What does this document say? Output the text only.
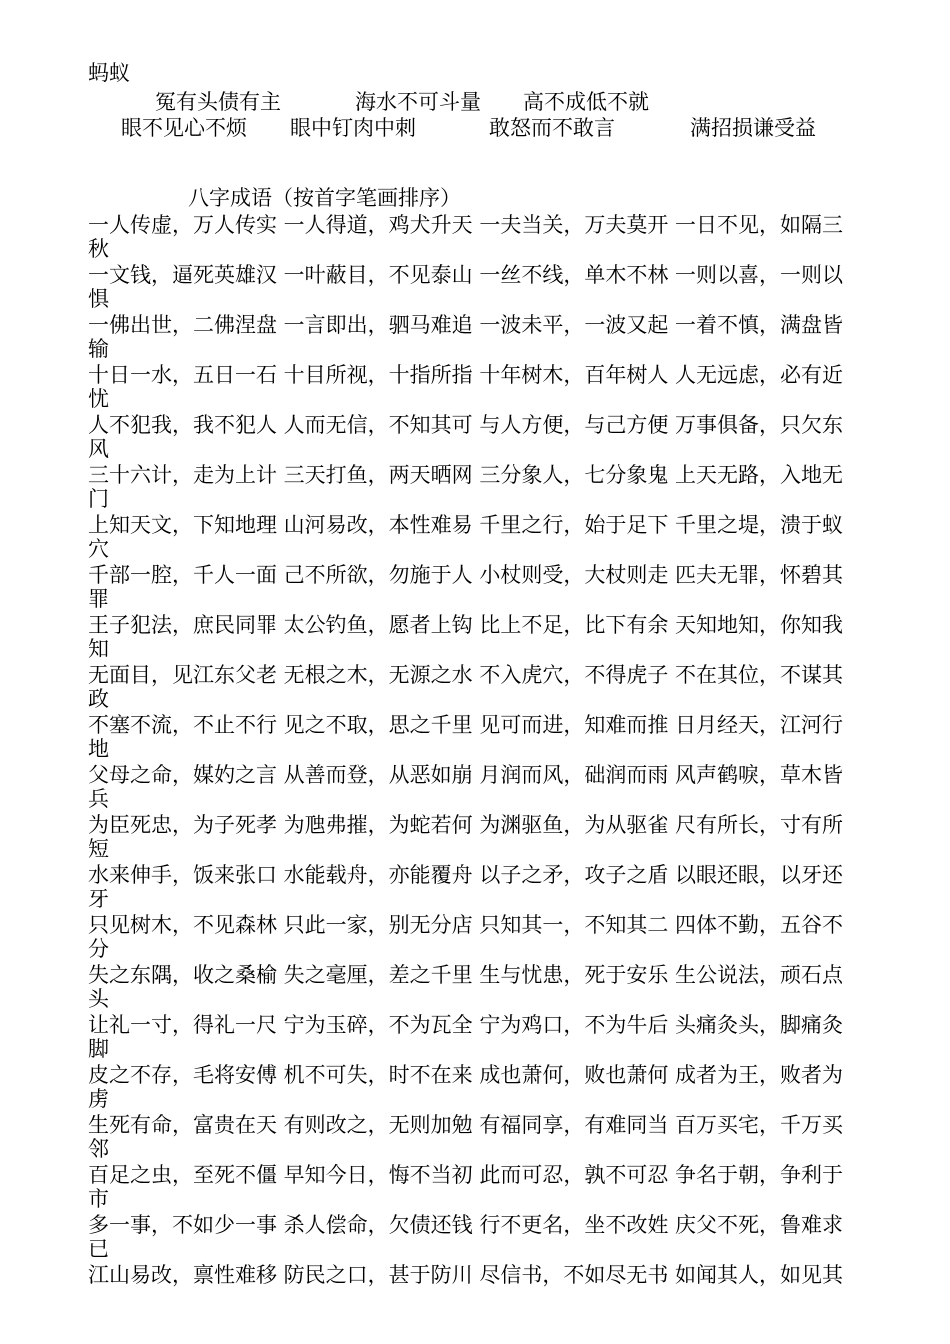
蚂蚁
冤有头债有主	海水不可斗量 高不成低不就
眼不见心不烦 眼中钉肉中刺	敢怒而不敢言	满招损谦受益
八字成语（按首字笔画排序）
一人传虚，万人传实 一人得道，鸡犬升天 一夫当关，万夫莫开 一日不见，如隔三
秋
一文钱，逼死英雄汉 一叶蔽目，不见泰山 一丝不线，单木不林 一则以喜，一则以
惧
一佛出世，二佛涅盘 一言即出，驷马难追 一波未平，一波又起 一着不慎，满盘皆
输
十日一水，五日一石 十目所视，十指所指 十年树木，百年树人 人无远虑，必有近
忧
人不犯我，我不犯人 人而无信，不知其可 与人方便，与己方便 万事俱备，只欠东
风
三十六计，走为上计 三天打鱼，两天晒网 三分象人，七分象鬼 上天无路，入地无
门
上知天文，下知地理 山河易改，本性难易 千里之行，始于足下 千里之堤，溃于蚁
穴
千部一腔，千人一面 己不所欲，勿施于人 小杖则受，大杖则走 匹夫无罪，怀碧其
罪
王子犯法，庶民同罪 太公钓鱼，愿者上钩 比上不足，比下有余 天知地知，你知我
知
无面目，见江东父老 无根之木，无源之水 不入虎穴，不得虎子 不在其位，不谋其
政
不塞不流，不止不行 见之不取，思之千里 见可而进，知难而推 日月经天，江河行
地
父母之命，媒妁之言 从善而登，从恶如崩 月润而风，础润而雨 风声鹤唳，草木皆
兵
为臣死忠，为子死孝 为虺弗摧，为蛇若何 为渊驱鱼，为从驱雀 尺有所长，寸有所
短
水来伸手，饭来张口 水能载舟，亦能覆舟 以子之矛，攻子之盾 以眼还眼，以牙还
牙
只见树木，不见森林 只此一家，别无分店 只知其一，不知其二 四体不勤，五谷不
分
失之东隅，收之桑榆 失之毫厘，差之千里 生与忧患，死于安乐 生公说法，顽石点
头
让礼一寸，得礼一尺 宁为玉碎，不为瓦全 宁为鸡口，不为牛后 头痛灸头，脚痛灸
脚
皮之不存，毛将安傅 机不可失，时不在来 成也萧何，败也萧何 成者为王，败者为
虏
生死有命，富贵在天 有则改之，无则加勉 有福同享，有难同当 百万买宅，千万买
邻
百足之虫，至死不僵 早知今日，悔不当初 此而可忍，孰不可忍 争名于朝，争利于
市
多一事，不如少一事 杀人偿命，欠债还钱 行不更名，坐不改姓 庆父不死，鲁难求
已
江山易改，禀性难移 防民之口，甚于防川 尽信书，不如尽无书 如闻其人，如见其
